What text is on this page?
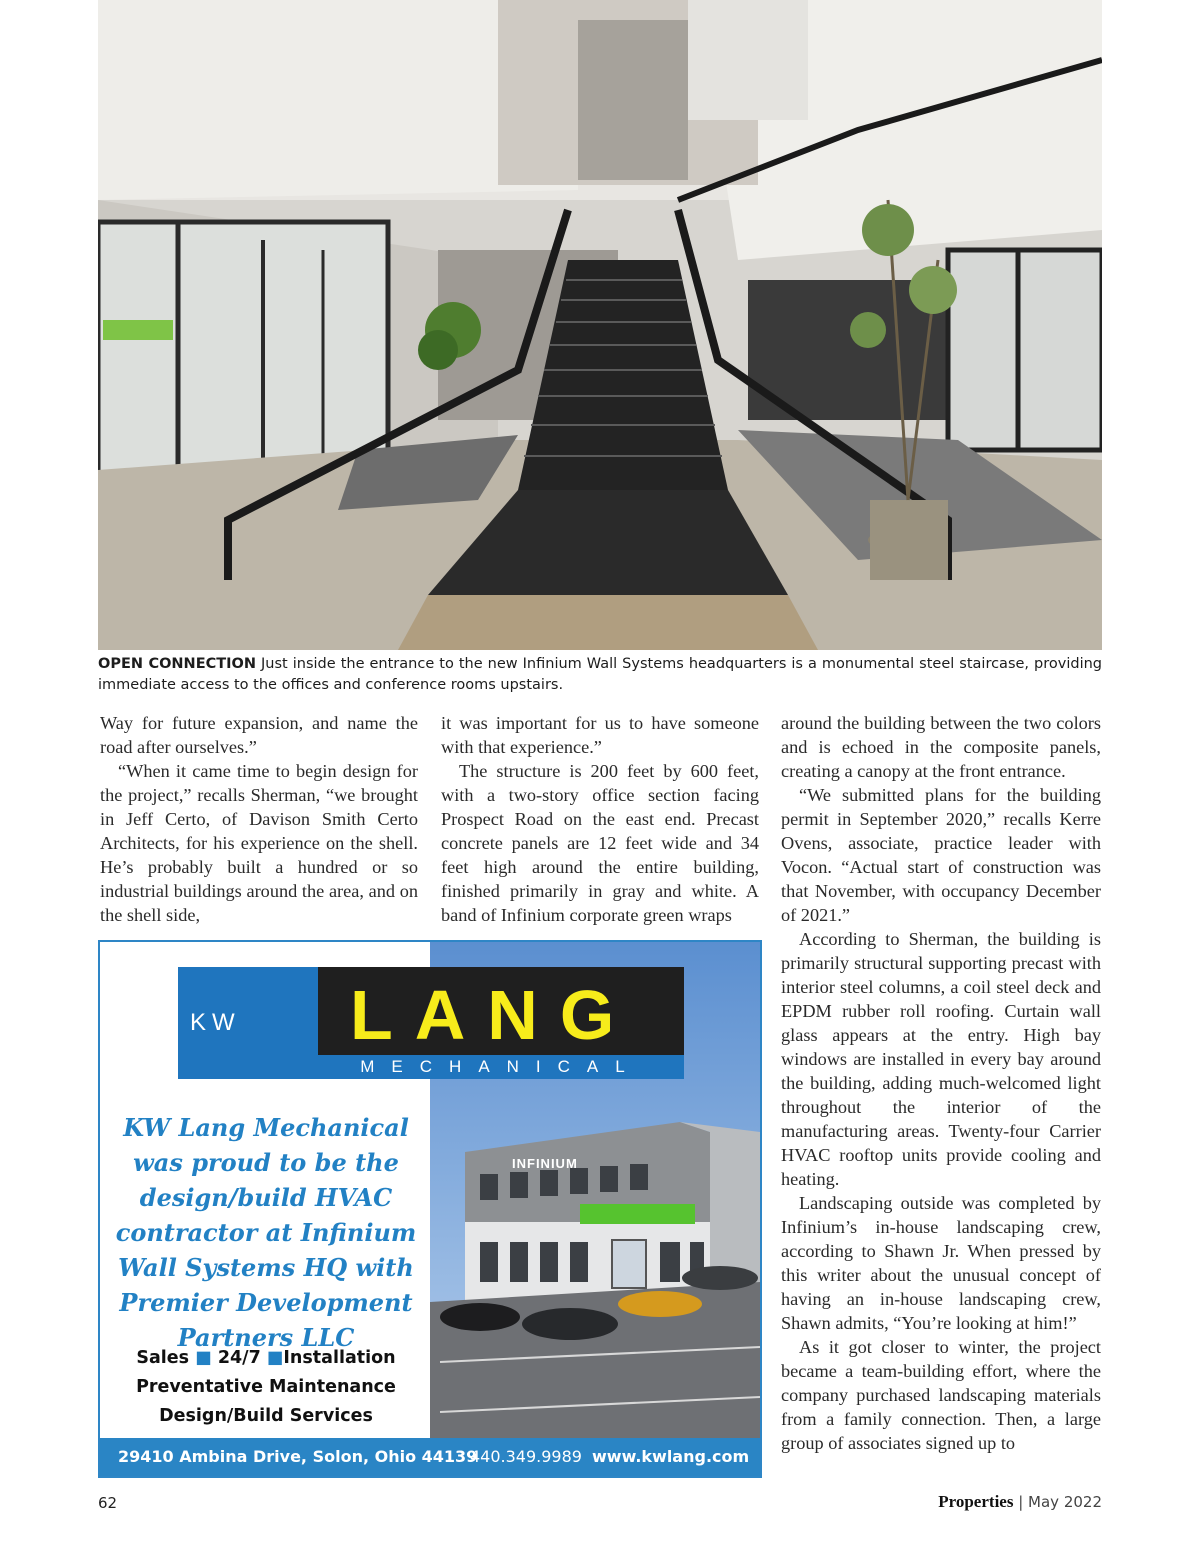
OPEN CONNECTION Just inside the entrance to the new Infinium Wall Systems headquarters is a monumental steel staircase, providing immediate access to the offices and conference rooms upstairs.

Way for future expansion, and name the road after ourselves.”

“When it came time to begin design for the project,” recalls Sherman, “we brought in Jeff Certo, of Davison Smith Certo Architects, for his experience on the shell. He’s probably built a hundred or so industrial buildings around the area, and on the shell side,

it was important for us to have someone with that experience.”

The structure is 200 feet by 600 feet, with a two-story office section facing Prospect Road on the east end. Precast concrete panels are 12 feet wide and 34 feet high around the entire building, finished primarily in gray and white. A band of Infinium corporate green wraps

around the building between the two colors and is echoed in the composite panels, creating a canopy at the front entrance.

“We submitted plans for the building permit in September 2020,” recalls Kerre Ovens, associate, practice leader with Vocon. “Actual start of construction was that November, with occupancy December of 2021.”

According to Sherman, the building is primarily structural supporting precast with interior steel columns, a coil steel deck and EPDM rubber roll roofing. Curtain wall glass appears at the entry. High bay windows are installed in every bay around the building, adding much-welcomed light throughout the interior of the manufacturing areas. Twenty-four Carrier HVAC rooftop units provide cooling and heating.

Landscaping outside was completed by Infinium’s in-house landscaping crew, according to Shawn Jr. When pressed by this writer about the unusual concept of having an in-house landscaping crew, Shawn admits, “You’re looking at him!”

As it got closer to winter, the project became a team-building effort, where the company purchased landscaping materials from a family connection. Then, a large group of associates signed up to

INFINIUM
KW LANG
MECHANICAL
KW Lang Mechanical was proud to be the design/build HVAC contractor at Infinium Wall Systems HQ with Premier Development Partners LLC
Sales ■ 24/7 ■Installation
Preventative Maintenance
Design/Build Services
29410 Ambina Drive, Solon, Ohio 44139
440.349.9989 www.kwlang.com
62	Properties | May 2022
